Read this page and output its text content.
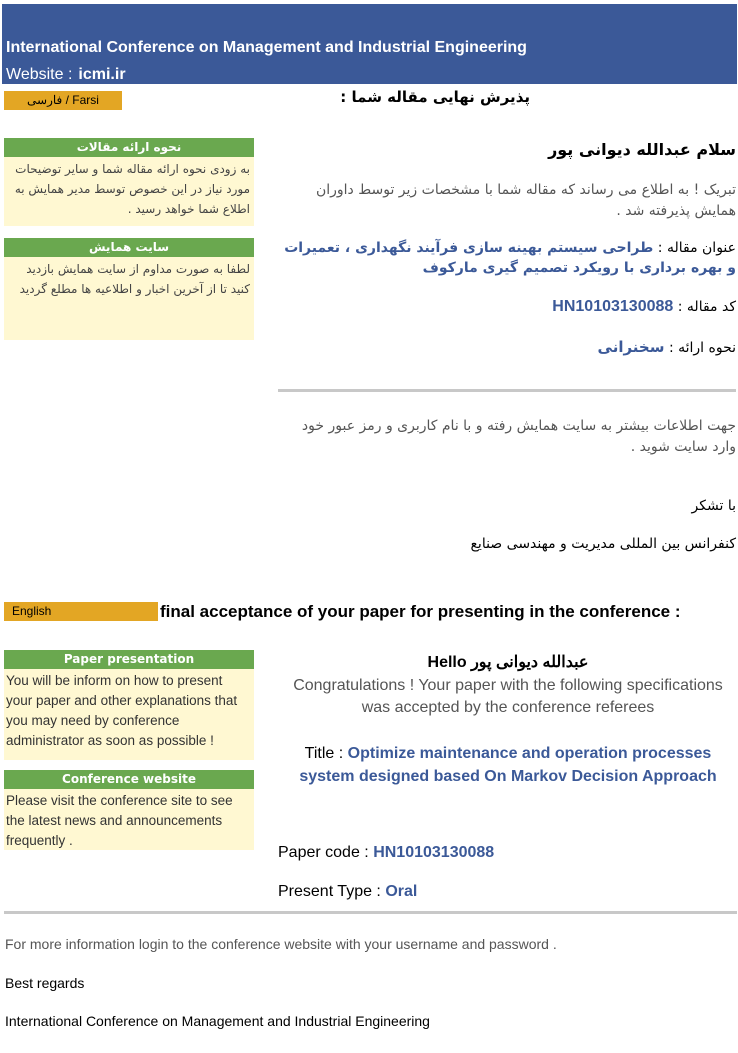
International Conference on Management and Industrial Engineering
Website : icmi.ir
فارسی / Farsi	پذیرش نهایی مقاله شما :
نحوه ارائه مقالات
به زودی نحوه ارائه مقاله شما و سایر توضیحات مورد نیاز در این خصوص توسط مدیر همایش به اطلاع شما خواهد رسید .
سایت همایش
لطفا به صورت مداوم از سایت همایش بازدید کنید تا از آخرین اخبار و اطلاعیه ها مطلع گردید
سلام عبدالله دیوانی پور
تبریک ! به اطلاع می رساند که مقاله شما با مشخصات زیر توسط داوران همایش پذیرفته شد .
عنوان مقاله : طراحی سیستم بهینه سازی فرآیند نگهداری ، تعمیرات و بهره برداری با رویکرد تصمیم گیری مارکوف
کد مقاله : HN10103130088
نحوه ارائه : سخنرانی
جهت اطلاعات بیشتر به سایت همایش رفته و با نام کاربری و رمز عبور خود وارد سایت شوید .
با تشکر
کنفرانس بین المللی مدیریت و مهندسی صنایع
English	final acceptance of your paper for presenting in the conference :
Paper presentation
You will be inform on how to present your paper and other explanations that you may need by conference administrator as soon as possible !
Conference website
Please visit the conference site to see the latest news and announcements frequently .
Hello عبدالله دیوانی پور
Congratulations ! Your paper with the following specifications was accepted by the conference referees
Title : Optimize maintenance and operation processes system designed based On Markov Decision Approach
Paper code : HN10103130088
Present Type : Oral
For more information login to the conference website with your username and password .
Best regards
International Conference on Management and Industrial Engineering
